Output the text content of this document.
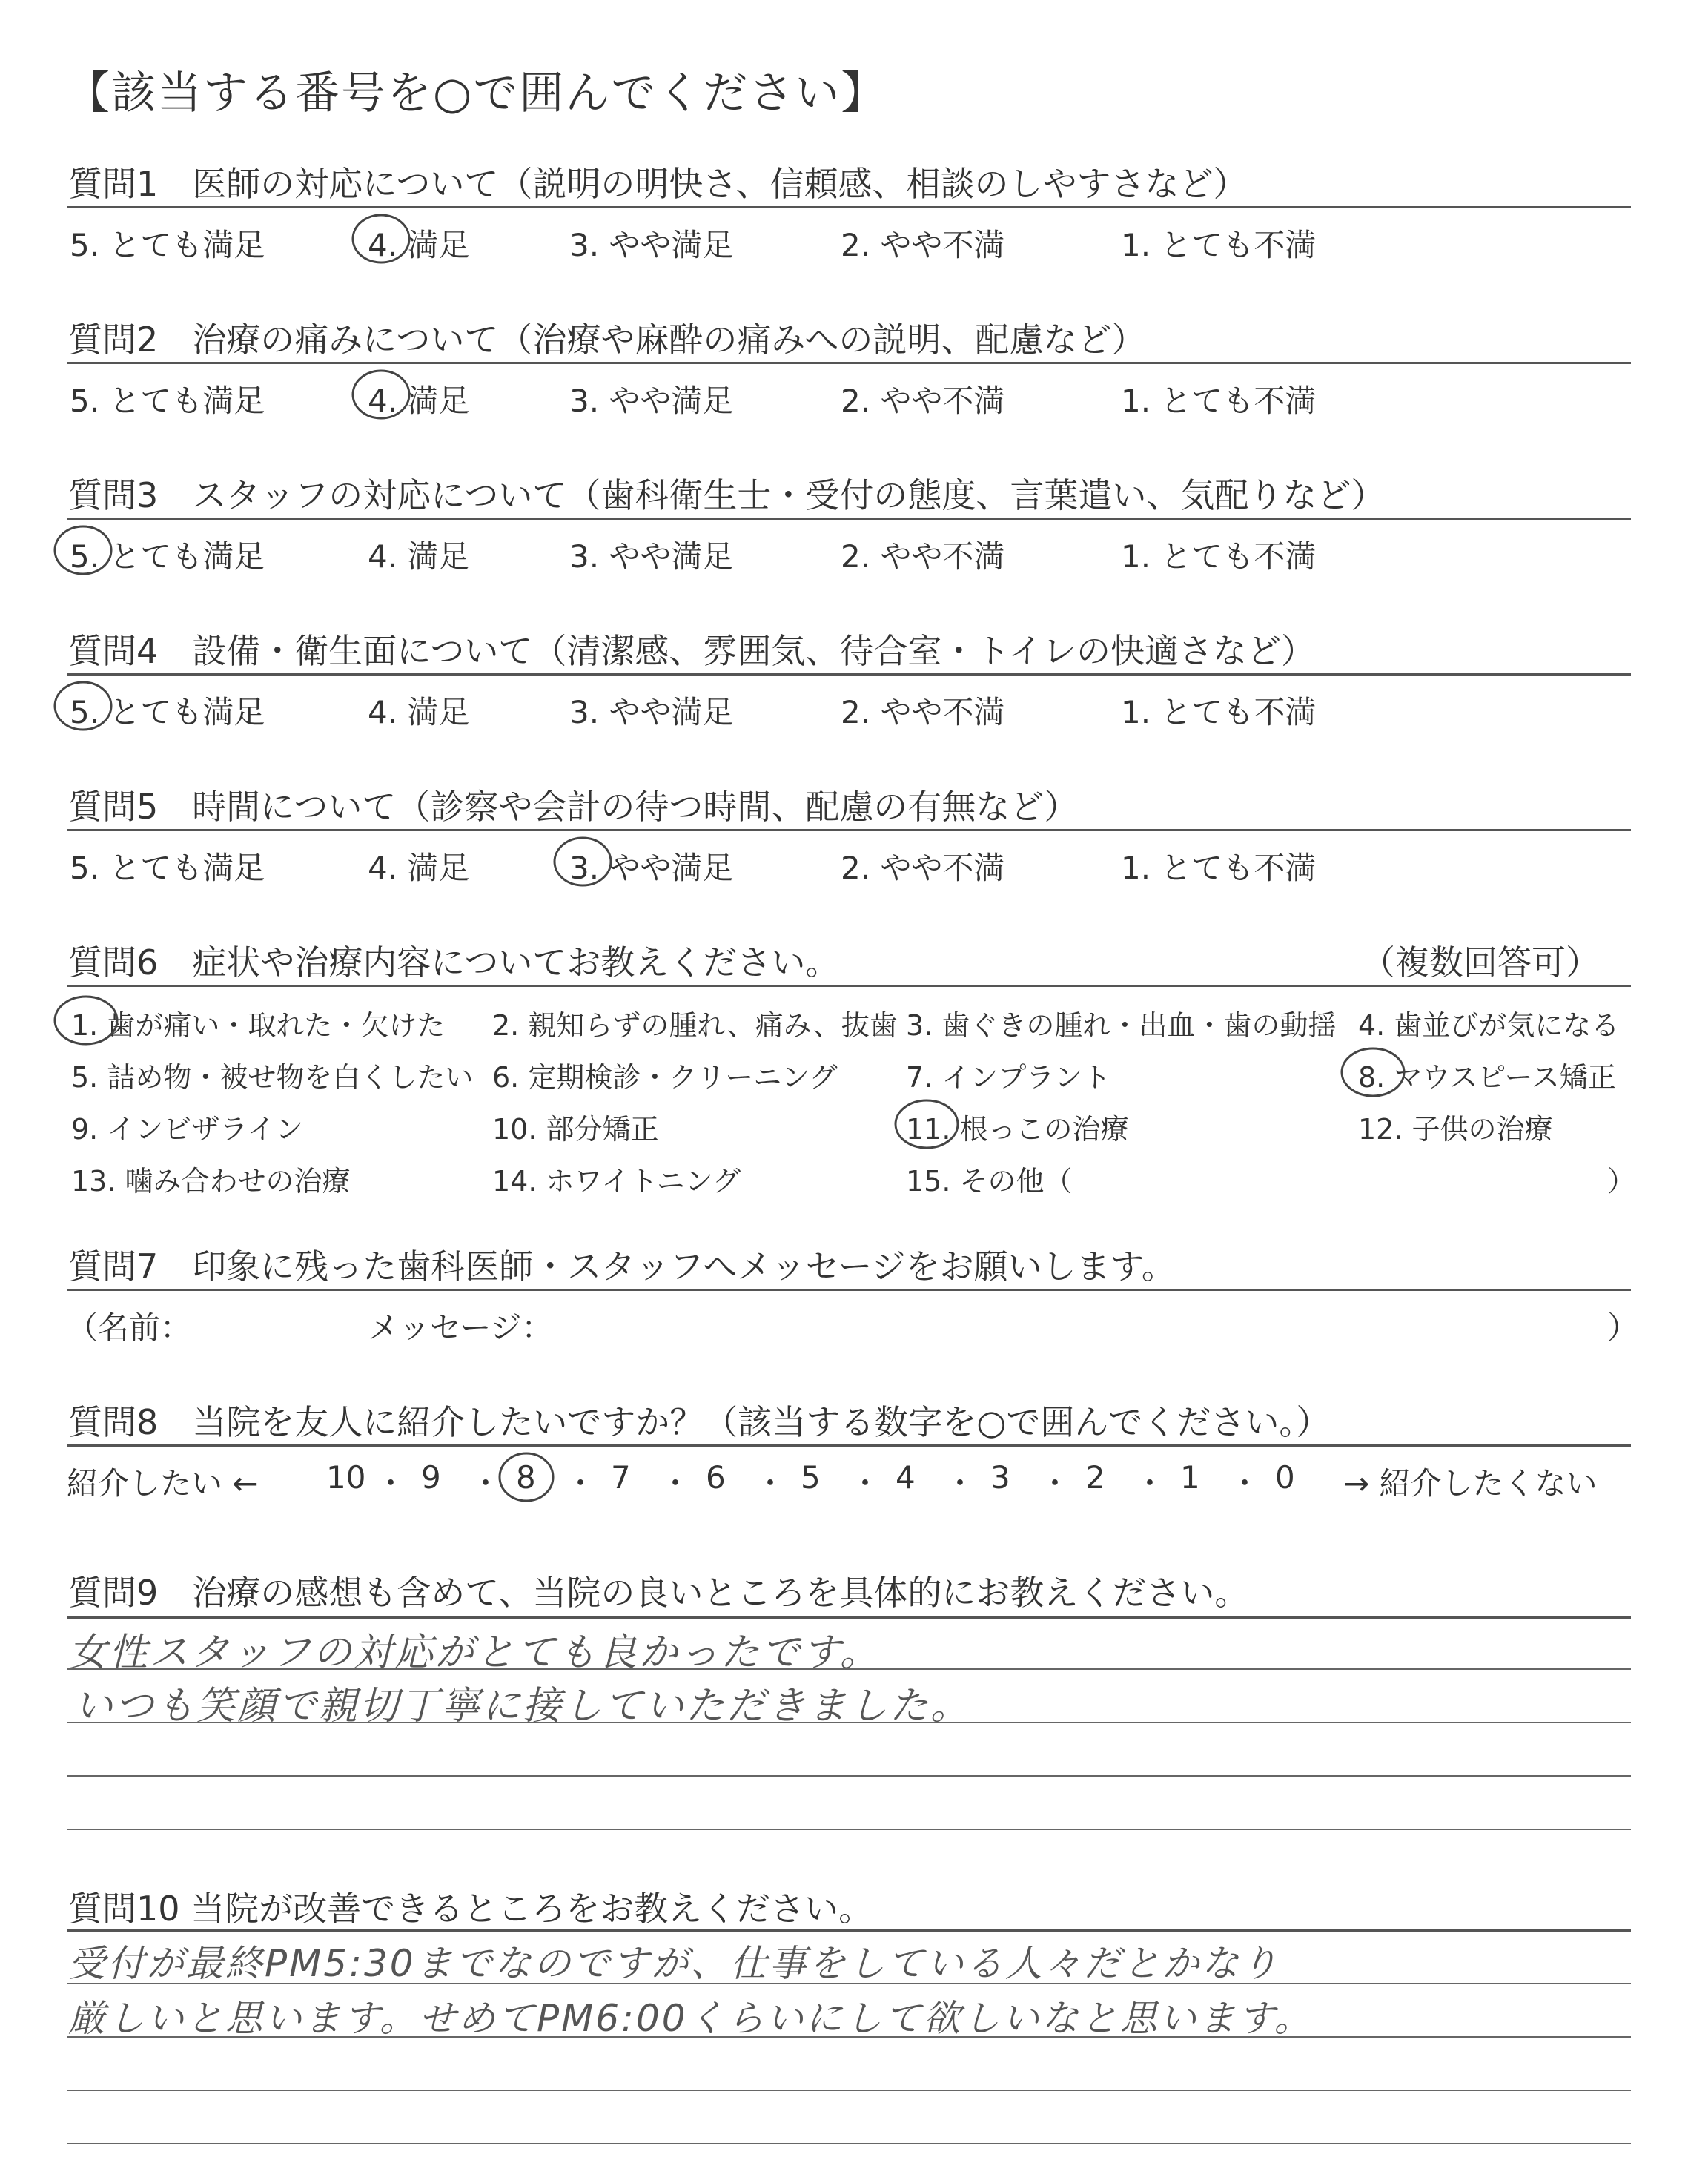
【該当する番号を○で囲んでください】
質問1　医師の対応について（説明の明快さ、信頼感、相談のしやすさなど）
5. とても満足	4. 満足	3. やや満足	2. やや不満	1. とても不満
質問2　治療の痛みについて（治療や麻酔の痛みへの説明、配慮など）
5. とても満足	4. 満足	3. やや満足	2. やや不満	1. とても不満
質問3　スタッフの対応について（歯科衛生士・受付の態度、言葉遣い、気配りなど）
5. とても満足	4. 満足	3. やや満足	2. やや不満	1. とても不満
質問4　設備・衛生面について（清潔感、雰囲気、待合室・トイレの快適さなど）
5. とても満足	4. 満足	3. やや満足	2. やや不満	1. とても不満
質問5　時間について（診察や会計の待つ時間、配慮の有無など）
5. とても満足	4. 満足	3. やや満足	2. やや不満	1. とても不満
質問6　症状や治療内容についてお教えください。	（複数回答可）
1. 歯が痛い・取れた・欠けた 2. 親知らずの腫れ、痛み、抜歯 3. 歯ぐきの腫れ・出血・歯の動揺 4. 歯並びが気になる
5. 詰め物・被せ物を白くしたい 6. 定期検診・クリーニング 7. インプラント	8. マウスピース矯正
9. インビザライン	10. 部分矯正	11. 根っこの治療	12. 子供の治療
13. 噛み合わせの治療	14. ホワイトニング	15. その他（	）
質問7　印象に残った歯科医師・スタッフへメッセージをお願いします。
（名前：	メッセージ：	）
質問8　当院を友人に紹介したいですか？（該当する数字を○で囲んでください。）
紹介したい ←	→ 紹介したくない
10 ・ 9 ・ 8 ・ 7 ・ 6 ・ 5 ・ 4 ・ 3 ・ 2 ・ 1 ・ 0
質問9　治療の感想も含めて、当院の良いところを具体的にお教えください。
女性スタッフの対応がとても良かったです。
いつも笑顔で親切丁寧に接していただきました。
質問10 当院が改善できるところをお教えください。
受付が最終PM5:30までなのですが、仕事をしている人々だとかなり
厳しいと思います。せめてPM6:00くらいにして欲しいなと思います。
